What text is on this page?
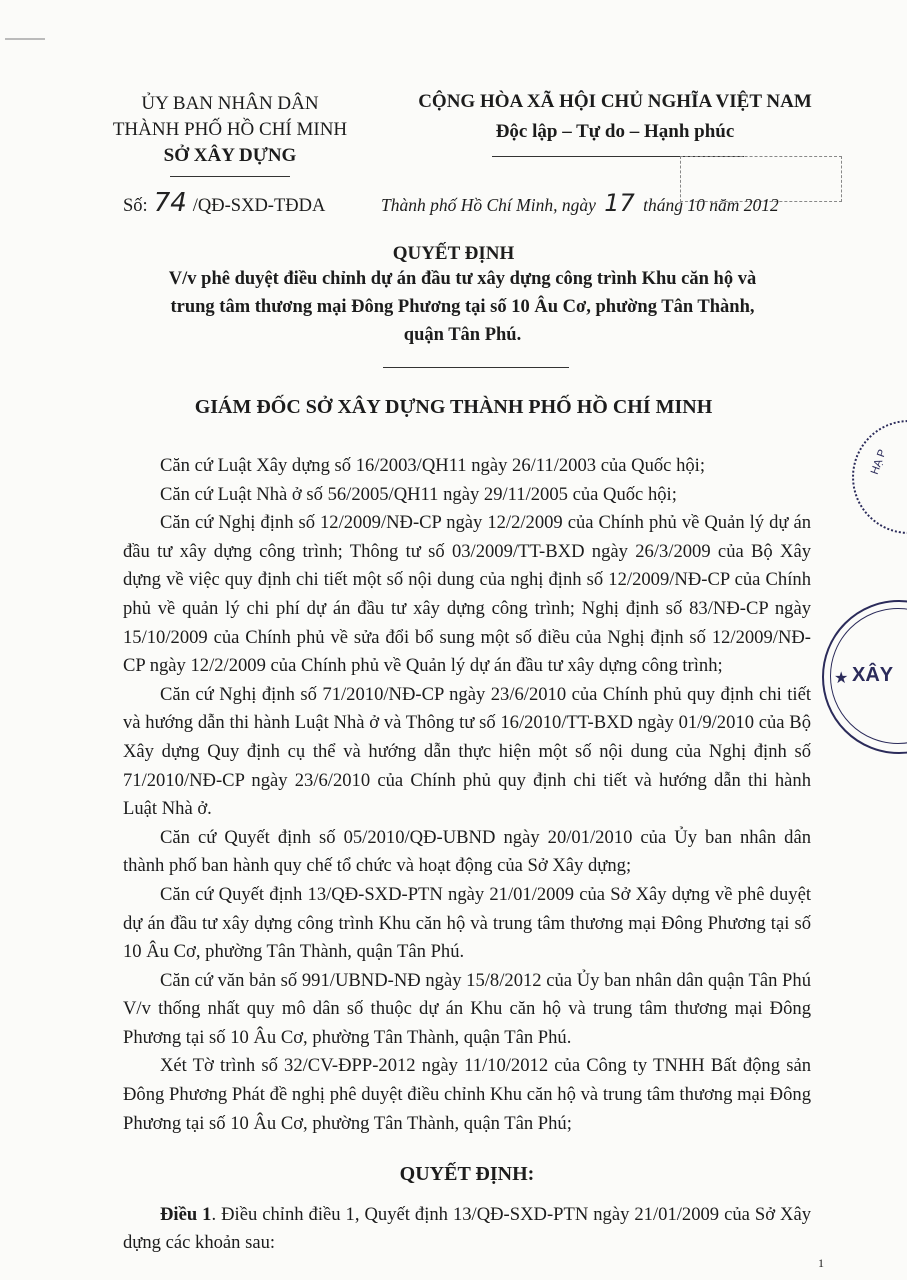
ỦY BAN NHÂN DÂN
THÀNH PHỐ HỒ CHÍ MINH
SỞ XÂY DỰNG
CỘNG HÒA XÃ HỘI CHỦ NGHĨA VIỆT NAM
Độc lập – Tự do – Hạnh phúc
Số: 74 /QĐ-SXD-TĐDA	Thành phố Hồ Chí Minh, ngày 17 tháng 10 năm 2012
QUYẾT ĐỊNH
V/v phê duyệt điều chỉnh dự án đầu tư xây dựng công trình Khu căn hộ và
trung tâm thương mại Đông Phương tại số 10 Âu Cơ, phường Tân Thành,
quận Tân Phú.
GIÁM ĐỐC SỞ XÂY DỰNG THÀNH PHỐ HỒ CHÍ MINH

Căn cứ Luật Xây dựng số 16/2003/QH11 ngày 26/11/2003 của Quốc hội;

Căn cứ Luật Nhà ở số 56/2005/QH11 ngày 29/11/2005 của Quốc hội;

Căn cứ Nghị định số 12/2009/NĐ-CP ngày 12/2/2009 của Chính phủ về Quản lý dự án đầu tư xây dựng công trình; Thông tư số 03/2009/TT-BXD ngày 26/3/2009 của Bộ Xây dựng về việc quy định chi tiết một số nội dung của nghị định số 12/2009/NĐ-CP của Chính phủ về quản lý chi phí dự án đầu tư xây dựng công trình; Nghị định số 83/NĐ-CP ngày 15/10/2009 của Chính phủ về sửa đổi bổ sung một số điều của Nghị định số 12/2009/NĐ-CP ngày 12/2/2009 của Chính phủ về Quản lý dự án đầu tư xây dựng công trình;

Căn cứ Nghị định số 71/2010/NĐ-CP ngày 23/6/2010 của Chính phủ quy định chi tiết và hướng dẫn thi hành Luật Nhà ở và Thông tư số 16/2010/TT-BXD ngày 01/9/2010 của Bộ Xây dựng Quy định cụ thể và hướng dẫn thực hiện một số nội dung của Nghị định số 71/2010/NĐ-CP ngày 23/6/2010 của Chính phủ quy định chi tiết và hướng dẫn thi hành Luật Nhà ở.

Căn cứ Quyết định số 05/2010/QĐ-UBND ngày 20/01/2010 của Ủy ban nhân dân thành phố ban hành quy chế tổ chức và hoạt động của Sở Xây dựng;

Căn cứ Quyết định 13/QĐ-SXD-PTN ngày 21/01/2009 của Sở Xây dựng về phê duyệt dự án đầu tư xây dựng công trình Khu căn hộ và trung tâm thương mại Đông Phương tại số 10 Âu Cơ, phường Tân Thành, quận Tân Phú.

Căn cứ văn bản số 991/UBND-NĐ ngày 15/8/2012 của Ủy ban nhân dân quận Tân Phú V/v thống nhất quy mô dân số thuộc dự án Khu căn hộ và trung tâm thương mại Đông Phương tại số 10 Âu Cơ, phường Tân Thành, quận Tân Phú.

Xét Tờ trình số 32/CV-ĐPP-2012 ngày 11/10/2012 của Công ty TNHH Bất động sản Đông Phương Phát đề nghị phê duyệt điều chỉnh Khu căn hộ và trung tâm thương mại Đông Phương tại số 10 Âu Cơ, phường Tân Thành, quận Tân Phú;

QUYẾT ĐỊNH:

Điều 1. Điều chỉnh điều 1, Quyết định 13/QĐ-SXD-PTN ngày 21/01/2009 của Sở Xây dựng các khoản sau:

HẠ P
XÂY
★
1
